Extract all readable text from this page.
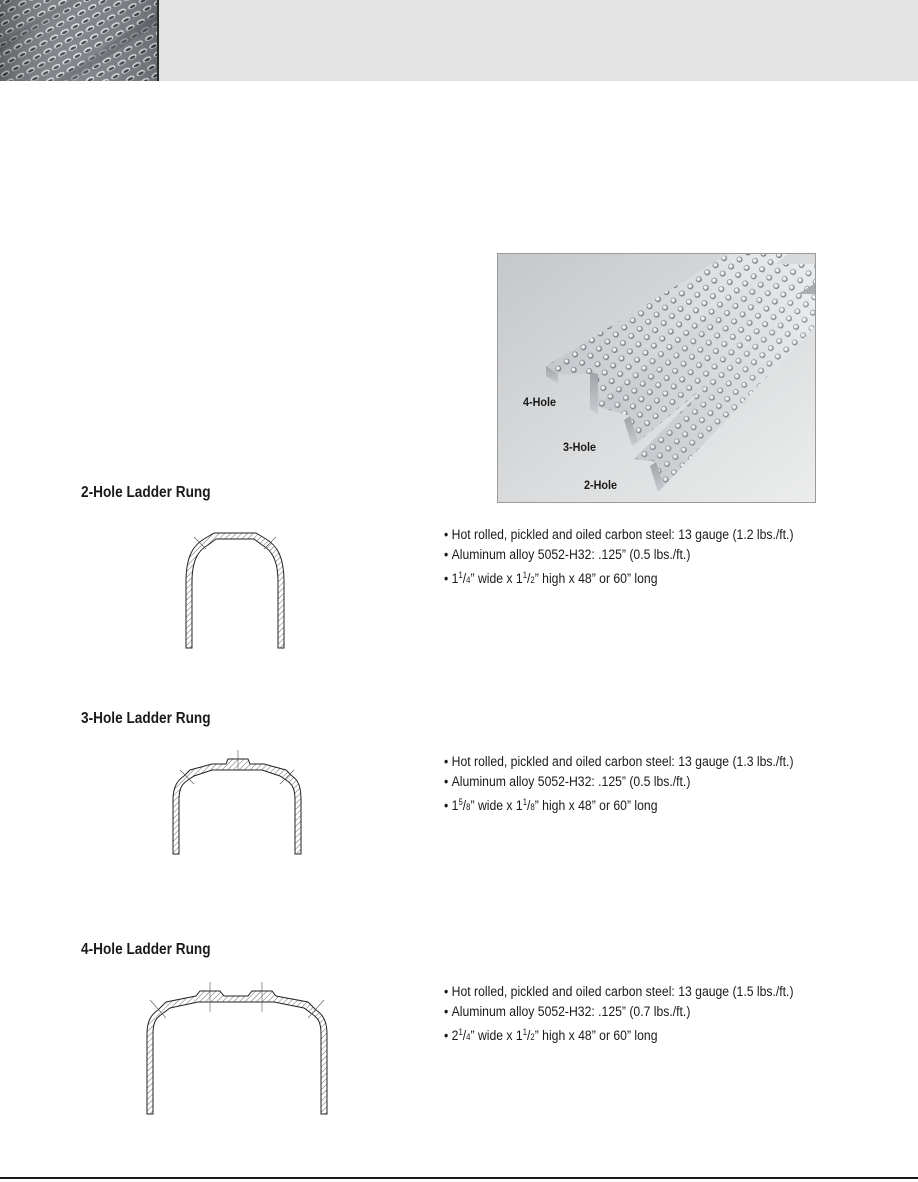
4-Hole
3-Hole
2-Hole
2-Hole Ladder Rung
• Hot rolled, pickled and oiled carbon steel: 13 gauge (1.2 lbs./ft.)
• Aluminum alloy 5052-H32: .125” (0.5 lbs./ft.)
• $1^1/4$” wide x $1^1/2$” high x 48” or 60” long
3-Hole Ladder Rung
• Hot rolled, pickled and oiled carbon steel: 13 gauge (1.3 lbs./ft.)
• Aluminum alloy 5052-H32: .125” (0.5 lbs./ft.)
• $1^5/8$” wide x $1^1/8$” high x 48” or 60” long
4-Hole Ladder Rung
• Hot rolled, pickled and oiled carbon steel: 13 gauge (1.5 lbs./ft.)
• Aluminum alloy 5052-H32: .125” (0.7 lbs./ft.)
• $2^1/4$” wide x $1^1/2$” high x 48” or 60” long
